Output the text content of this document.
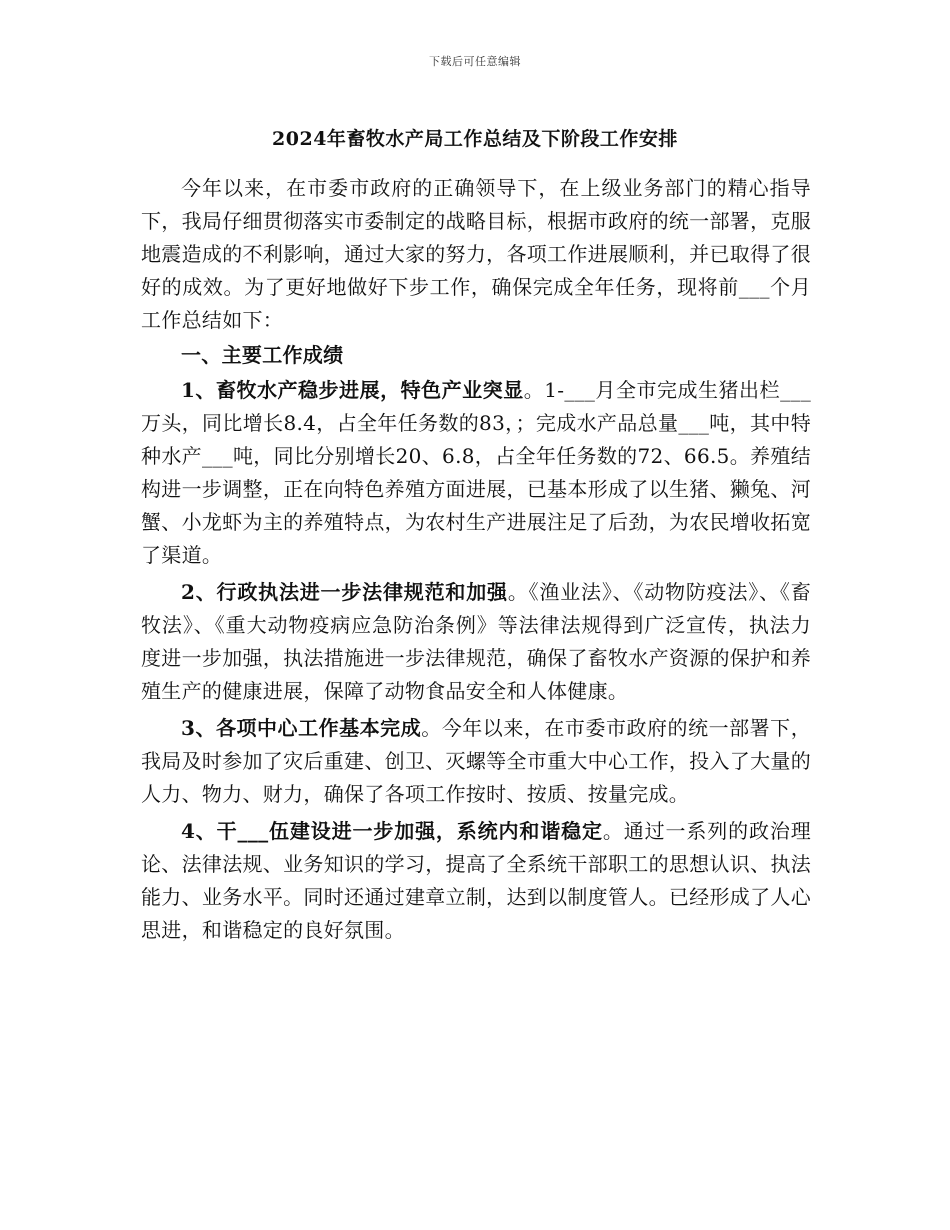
下载后可任意编辑
2024年畜牧水产局工作总结及下阶段工作安排

今年以来，在市委市政府的正确领导下，在上级业务部门的精心指导下，我局仔细贯彻落实市委制定的战略目标，根据市政府的统一部署，克服地震造成的不利影响，通过大家的努力，各项工作进展顺利，并已取得了很好的成效。为了更好地做好下步工作，确保完成全年任务，现将前___个月工作总结如下：

一、主要工作成绩

1、畜牧水产稳步进展，特色产业突显。1-___月全市完成生猪出栏___万头，同比增长8.4，占全年任务数的83，；完成水产品总量___吨，其中特种水产___吨，同比分别增长20、6.8，占全年任务数的72、66.5。养殖结构进一步调整，正在向特色养殖方面进展，已基本形成了以生猪、獭兔、河蟹、小龙虾为主的养殖特点，为农村生产进展注足了后劲，为农民增收拓宽了渠道。

2、行政执法进一步法律规范和加强。《渔业法》、《动物防疫法》、《畜牧法》、《重大动物疫病应急防治条例》等法律法规得到广泛宣传，执法力度进一步加强，执法措施进一步法律规范，确保了畜牧水产资源的保护和养殖生产的健康进展，保障了动物食品安全和人体健康。

3、各项中心工作基本完成。今年以来，在市委市政府的统一部署下，我局及时参加了灾后重建、创卫、灭螺等全市重大中心工作，投入了大量的人力、物力、财力，确保了各项工作按时、按质、按量完成。

4、干___伍建设进一步加强，系统内和谐稳定。通过一系列的政治理论、法律法规、业务知识的学习，提高了全系统干部职工的思想认识、执法能力、业务水平。同时还通过建章立制，达到以制度管人。已经形成了人心思进，和谐稳定的良好氛围。
